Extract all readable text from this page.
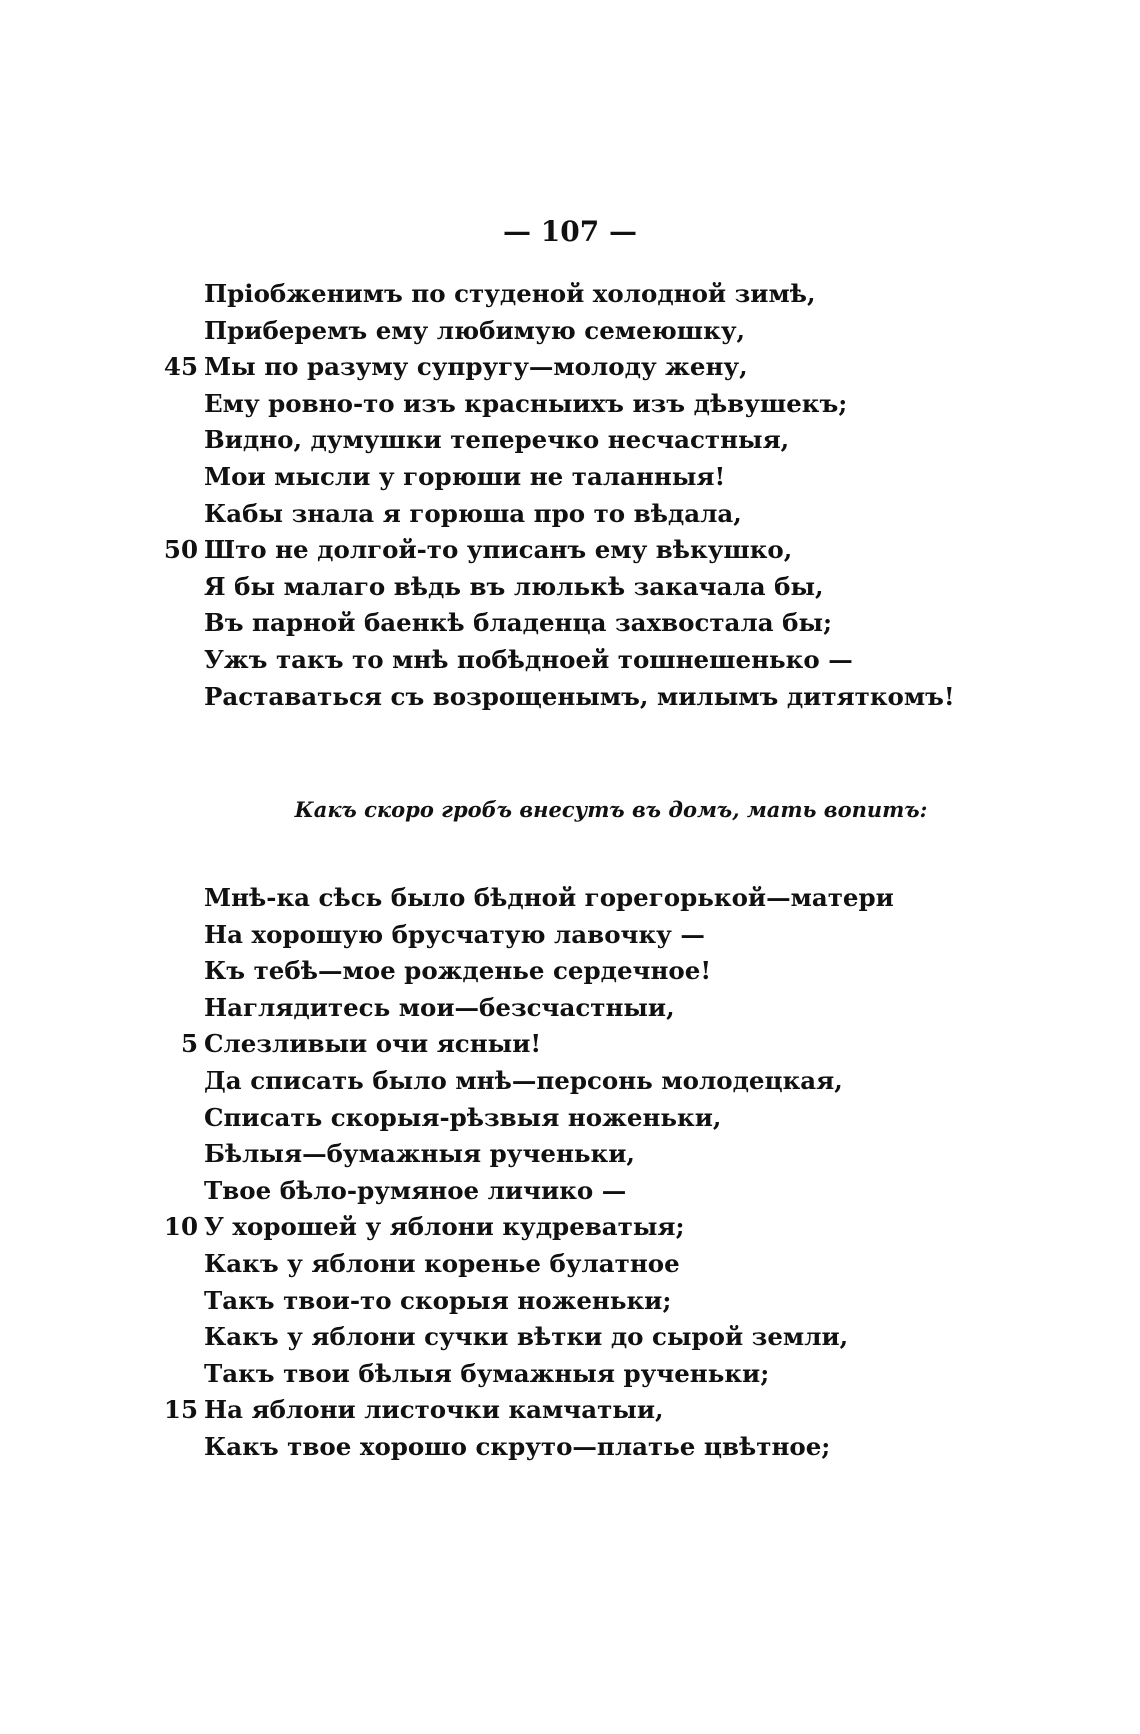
— 107 —
Пріобженимъ по студеной холодной зимѣ,
Приберемъ ему любимую семеюшку,
45 Мы по разуму супругу—молоду жену,
Ему ровно-то изъ красныихъ изъ дѣвушекъ;
Видно, думушки теперечко несчастныя,
Мои мысли у горюши не таланныя!
Кабы знала я горюша про то вѣдала,
50 Што не долгой-то уписанъ ему вѣкушко,
Я бы малаго вѣдь въ люлькѣ закачала бы,
Въ парной баенкѣ бладенца захвостала бы;
Ужъ такъ то мнѣ побѣдноей тошнешенько —
Раставаться съ возрощенымъ, милымъ дитяткомъ!
Какъ скоро гробъ внесутъ въ домъ, мать вопитъ:
Мнѣ-ка сѣсь было бѣдной горегорькой—матери
На хорошую брусчатую лавочку —
Къ тебѣ—мое рожденье сердечное!
Наглядитесь мои—безсчастныи,
5 Слезливыи очи ясныи!
Да списать было мнѣ—персонь молодецкая,
Списать скорыя-рѣзвыя ноженьки,
Бѣлыя—бумажныя рученьки,
Твое бѣло-румяное личико —
10 У хорошей у яблони кудреватыя;
Какъ у яблони коренье булатное
Такъ твои-то скорыя ноженьки;
Какъ у яблони сучки вѣтки до сырой земли,
Такъ твои бѣлыя бумажныя рученьки;
15 На яблони листочки камчатыи,
Какъ твое хорошо скруто—платье цвѣтное;
